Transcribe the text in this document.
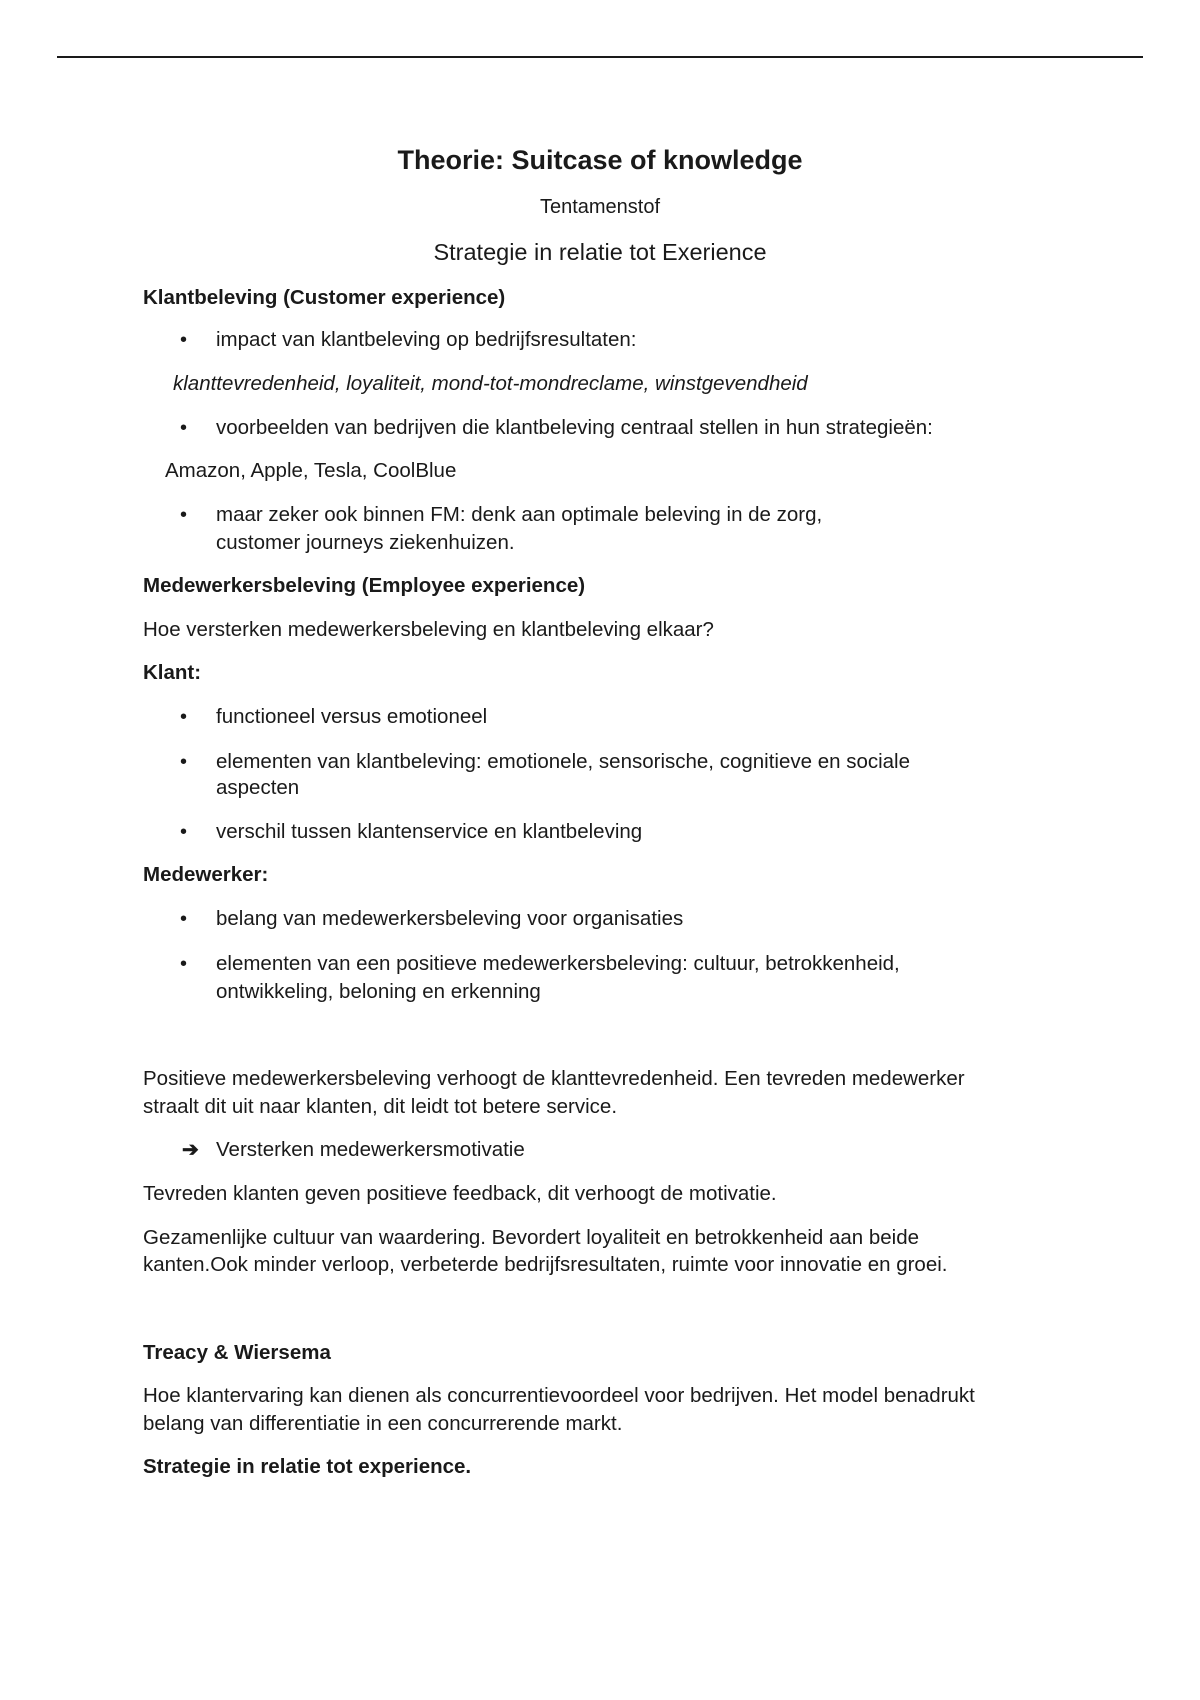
Theorie: Suitcase of knowledge
Tentamenstof
Strategie in relatie tot Exerience
Klantbeleving (Customer experience)
• impact van klantbeleving op bedrijfsresultaten:
klanttevredenheid, loyaliteit, mond-tot-mondreclame, winstgevendheid
• voorbeelden van bedrijven die klantbeleving centraal stellen in hun strategieën:
Amazon, Apple, Tesla, CoolBlue
• maar zeker ook binnen FM: denk aan optimale beleving in de zorg,
customer journeys ziekenhuizen.
Medewerkersbeleving (Employee experience)
Hoe versterken medewerkersbeleving en klantbeleving elkaar?
Klant:
• functioneel versus emotioneel
• elementen van klantbeleving: emotionele, sensorische, cognitieve en sociale
aspecten
• verschil tussen klantenservice en klantbeleving
Medewerker:
• belang van medewerkersbeleving voor organisaties
• elementen van een positieve medewerkersbeleving: cultuur, betrokkenheid,
ontwikkeling, beloning en erkenning
Positieve medewerkersbeleving verhoogt de klanttevredenheid. Een tevreden medewerker
straalt dit uit naar klanten, dit leidt tot betere service.
➔ Versterken medewerkersmotivatie
Tevreden klanten geven positieve feedback, dit verhoogt de motivatie.
Gezamenlijke cultuur van waardering. Bevordert loyaliteit en betrokkenheid aan beide
kanten.Ook minder verloop, verbeterde bedrijfsresultaten, ruimte voor innovatie en groei.
Treacy & Wiersema
Hoe klantervaring kan dienen als concurrentievoordeel voor bedrijven. Het model benadrukt
belang van differentiatie in een concurrerende markt.
Strategie in relatie tot experience.
